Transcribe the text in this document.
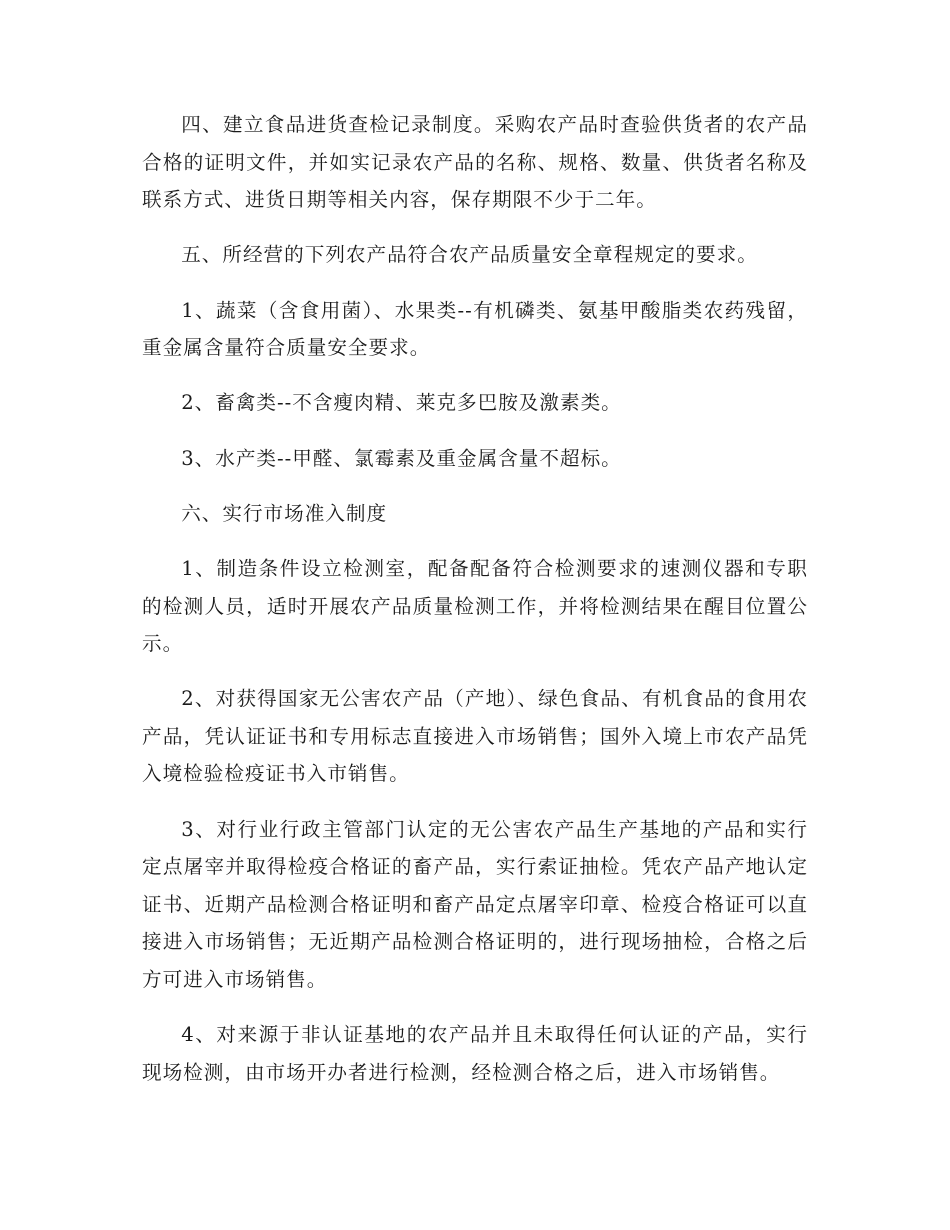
四、建立食品进货查检记录制度。采购农产品时查验供货者的农产品合格的证明文件，并如实记录农产品的名称、规格、数量、供货者名称及联系方式、进货日期等相关内容，保存期限不少于二年。

五、所经营的下列农产品符合农产品质量安全章程规定的要求。

1、蔬菜（含食用菌）、水果类--有机磷类、氨基甲酸脂类农药残留，重金属含量符合质量安全要求。

2、畜禽类--不含瘦肉精、莱克多巴胺及激素类。

3、水产类--甲醛、氯霉素及重金属含量不超标。

六、实行市场准入制度

1、制造条件设立检测室，配备配备符合检测要求的速测仪器和专职的检测人员，适时开展农产品质量检测工作，并将检测结果在醒目位置公示。

2、对获得国家无公害农产品（产地）、绿色食品、有机食品的食用农产品，凭认证证书和专用标志直接进入市场销售；国外入境上市农产品凭入境检验检疫证书入市销售。

3、对行业行政主管部门认定的无公害农产品生产基地的产品和实行定点屠宰并取得检疫合格证的畜产品，实行索证抽检。凭农产品产地认定证书、近期产品检测合格证明和畜产品定点屠宰印章、检疫合格证可以直接进入市场销售；无近期产品检测合格证明的，进行现场抽检，合格之后方可进入市场销售。

4、对来源于非认证基地的农产品并且未取得任何认证的产品，实行现场检测，由市场开办者进行检测，经检测合格之后，进入市场销售。
